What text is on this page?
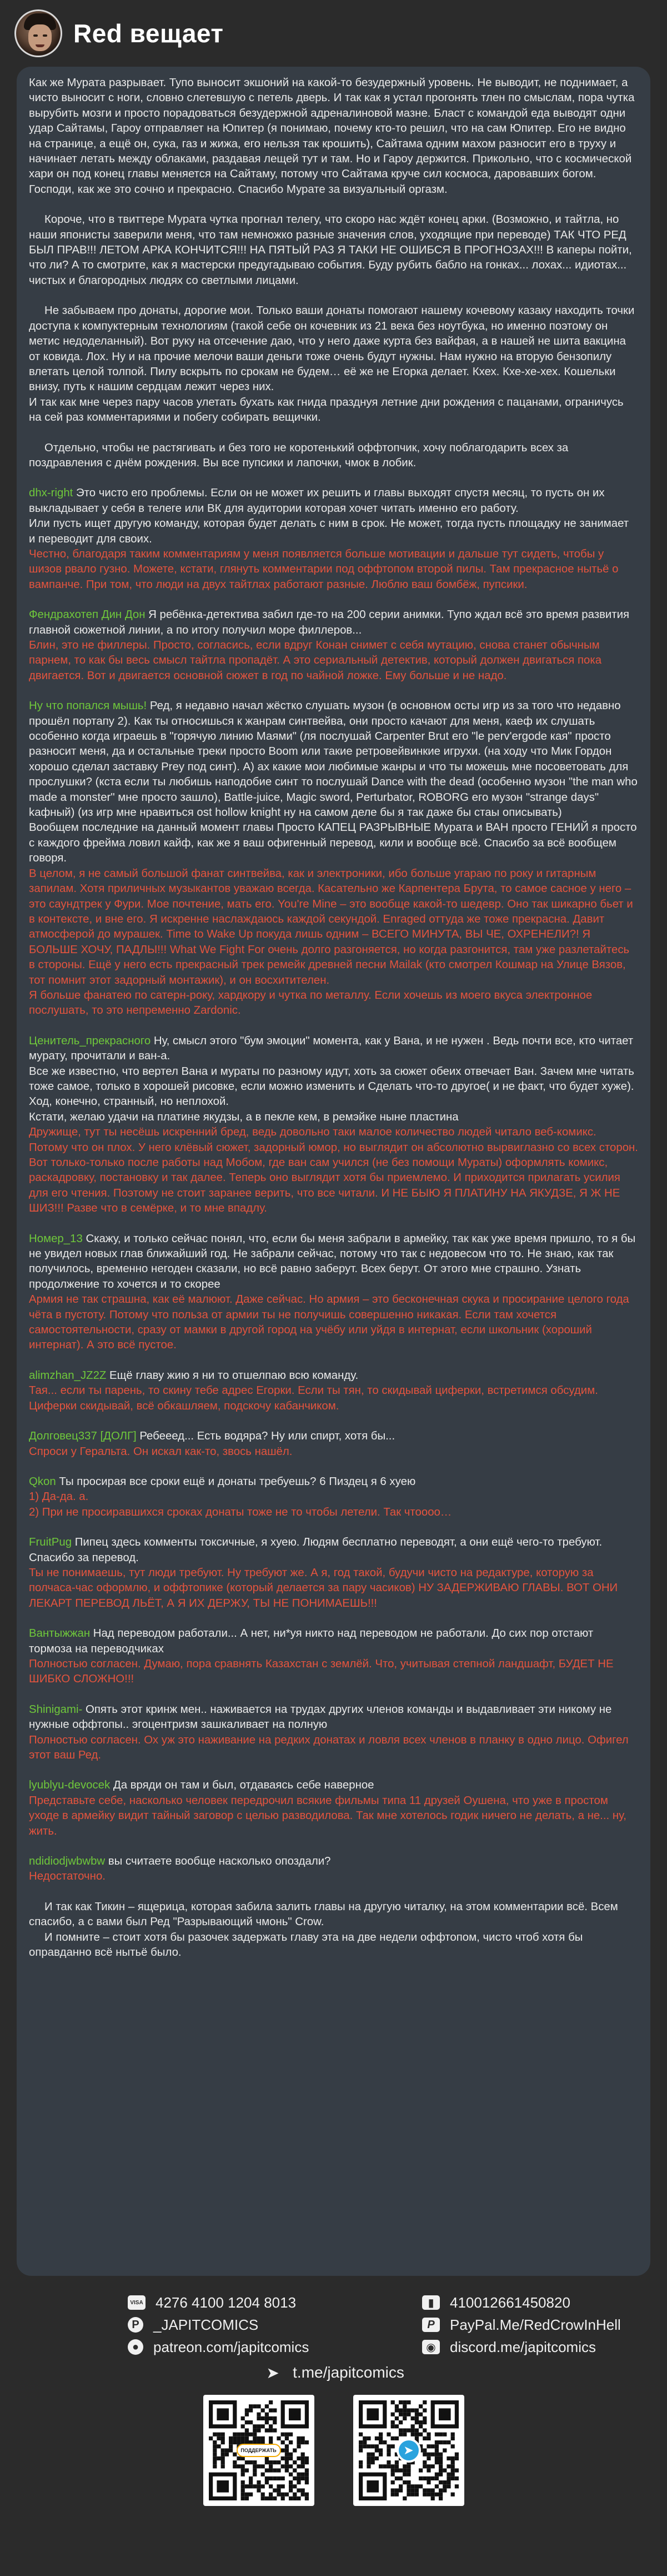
Red вещает

Как же Мурата разрывает. Тупо выносит экшоний на какой-то безудержный уровень. Не выводит, не поднимает, а чисто выносит с ноги, словно слетевшую с петель дверь. И так как я устал прогонять тлен по смыслам, пора чутка вырубить мозги и просто порадоваться безудержной адреналиновой мазне. Бласт с командой еда выводят одни удар Сайтамы, Гароу отправляет на Юпитер (я понимаю, почему кто-то решил, что на сам Юпитер. Его не видно на странице, а ещё он, сука, газ и жижа, его нельзя так крошить), Сайтама одним махом разносит его в труху и начинает летать между облаками, раздавая лещей тут и там. Но и Гароу держится. Прикольно, что с космической хари он под конец главы меняется на Сайтаму, потому что Сайтама круче сил космоса, даровавших богом. Господи, как же это сочно и прекрасно. Спасибо Мурате за визуальный оргазм.

Короче, что в твиттере Мурата чутка прогнал телегу, что скоро нас ждёт конец арки. (Возможно, и тайтла, но наши японисты заверили меня, что там немножко разные значения слов, уходящие при переводе) ТАК ЧТО РЕД БЫЛ ПРАВ!!! ЛЕТОМ АРКА КОНЧИТСЯ!!! НА ПЯТЫЙ РАЗ Я ТАКИ НЕ ОШИБСЯ В ПРОГНОЗАХ!!! В каперы пойти, что ли? А то смотрите, как я мастерски предугадываю события. Буду рубить бабло на гонках... лохах... идиотах... чистых и благородных людях со светлыми лицами.

Не забываем про донаты, дорогие мои. Только ваши донаты помогают нашему кочевому казаку находить точки доступа к компуктерным технологиям (такой себе он кочевник из 21 века без ноутбука, но именно поэтому он метис недоделанный). Вот руку на отсечение даю, что у него даже курта без вайфая, а в нашей не шита вакцина от ковида. Лох. Ну и на прочие мелочи ваши деньги тоже очень будут нужны. Нам нужно на вторую бензопилу влетать целой толпой. Пилу вскрыть по срокам не будем… её же не Егорка делает. Кхех. Кхе-хе-хех. Кошельки внизу, путь к нашим сердцам лежит через них.

И так как мне через пару часов улетать бухать как гнида празднуя летние дни рождения с пацанами, ограничусь на сей раз комментариями и побегу собирать вещички.

Отдельно, чтобы не растягивать и без того не коротенький оффтопчик, хочу поблагодарить всех за поздравления с днём рождения. Вы все пупсики и лапочки, чмок в лобик.

dhx-right Это чисто его проблемы. Если он не может их решить и главы выходят спустя месяц, то пусть он их выкладывает у себя в телеге или ВК для аудитории которая хочет читать именно его работу.

Или пусть ищет другую команду, которая будет делать с ним в срок. Не может, тогда пусть площадку не занимает и переводит для своих.

Честно, благодаря таким комментариям у меня появляется больше мотивации и дальше тут сидеть, чтобы у шизов рвало гузно. Можете, кстати, глянуть комментарии под оффтопом второй пилы. Там прекрасное нытьё о вампанче. При том, что люди на двух тайтлах работают разные. Люблю ваш бомбёж, пупсики.

Фендрахотеп Дин Дон Я ребёнка-детектива забил где-то на 200 серии анимки. Тупо ждал всё это время развития главной сюжетной линии, а по итогу получил море филлеров...

Блин, это не филлеры. Просто, согласись, если вдруг Конан снимет с себя мутацию, снова станет обычным парнем, то как бы весь смысл тайтла пропадёт. А это сериальный детектив, который должен двигаться пока двигается. Вот и двигается основной сюжет в год по чайной ложке. Ему больше и не надо.

Ну что попался мышь! Ред, я недавно начал жёстко слушать музон (в основном осты игр из за того что недавно прошёл портапу 2). Как ты относишься к жанрам синтвейва, они просто качают для меня, каеф их слушать особенно когда играешь в "горячую линию Маями" (ля послушай Carpenter Brut его "le perv'ergode кая" просто разносит меня, да и остальные треки просто Boom или такие ретровейвинкие игрухи. (на ходу что Мик Гордон хорошо сделал заставку Prey под синт). А) ах какие мои любимые жанры и что ты можешь мне посоветовать для прослушки? (кста если ты любишь наподобие синт то послушай Dance with the dead (особенно музон "the man who made a monster" мне просто зашло), Battle-juice, Magic sword, Perturbator, ROBORG его музон "strange days" kaфный) (из игр мне нравиться ost hollow knight ну на самом деле бы я так даже бы стаы описывать)

Вообщем последние на данный момент главы Просто КАПЕЦ РАЗРЫВНЫЕ Мурата и ВАН просто ГЕНИЙ я просто с каждого фрейма ловил кайф, как же я ваш офигенный перевод, кили и вообще всё. Спасибо за всё вообщем говоря.

В целом, я не самый большой фанат синтвейва, как и электроники, ибо больше угараю по року и гитарным запилам. Хотя приличных музыкантов уважаю всегда. Касательно же Карпентера Брута, то самое сасное у него – это саундтрек у Фури. Мое почтение, мать его. You're Mine – это вообще какой-то шедевр. Оно так шикарно бьет и в контексте, и вне его. Я искренне наслаждаюсь каждой секундой. Enraged оттуда же тоже прекрасна. Давит атмосферой до мурашек. Time to Wake Up покуда лишь одним – ВСЕГО МИНУТА, ВЫ ЧЕ, ОХРЕНЕЛИ?! Я БОЛЬШЕ ХОЧУ, ПАДЛЫ!!! What We Fight For очень долго разгоняется, но когда разгонится, там уже разлетайтесь в стороны. Ещё у него есть прекрасный трек ремейк древней песни Mailak (кто смотрел Кошмар на Улице Вязов, тот помнит этот задорный монтажик), и он восхитителен.

Я больше фанатею по сатерн-року, хардкору и чутка по металлу. Если хочешь из моего вкуса электронное послушать, то это непременно Zardonic.

Ценитель_прекрасного Ну, смысл этого "бум эмоции" момента, как у Вана, и не нужен . Ведь почти все, кто читает мурату, прочитали и ван-а.

Все же известно, что вертел Вана и мураты по разному идут, хоть за сюжет обеих отвечает Ван. Зачем мне читать тоже самое, только в хорошей рисовке, если можно изменить и Сделать что-то другое( и не факт, что будет хуже). Ход, конечно, странный, но неплохой.

Кстати, желаю удачи на платине якудзы, а в пекле кем, в ремэйке ныне пластина

Дружище, тут ты несёшь искренний бред, ведь довольно таки малое количество людей читало веб-комикс. Потому что он плох. У него клёвый сюжет, задорный юмор, но выглядит он абсолютно вырвиглазно со всех сторон. Вот только-только после работы над Мобом, где ван сам учился (не без помощи Мураты) оформлять комикс, раскадровку, постановку и так далее. Теперь оно выглядит хотя бы приемлемо. И приходится прилагать усилия для его чтения. Поэтому не стоит заранее верить, что все читали. И НЕ БЫЮ Я ПЛАТИНУ НА ЯКУДЗЕ, Я Ж НЕ ШИЗ!!! Разве что в семёрке, и то мне впадлу.

Номер_13 Скажу, и только сейчас понял, что, если бы меня забрали в армейку, так как уже время пришло, то я бы не увидел новых глав ближайший год. Не забрали сейчас, потому что так с недовесом что то. Не знаю, как так получилось, временно негоден сказали, но всё равно заберут. Всех берут. От этого мне страшно. Узнать продолжение то хочется и то скорее

Армия не так страшна, как её малюют. Даже сейчас. Но армия – это бесконечная скука и просирание целого года чёта в пустоту. Потому что польза от армии ты не получишь совершенно никакая. Если там хочется самостоятельности, сразу от мамки в другой город на учёбу или уйдя в интернат, если школьник (хороший интернат). А это всё пустое.

alimzhan_JZ2Z Ещё главу жию я ни то отшелпаю всю команду.

Тая... если ты парень, то скину тебе адрес Егорки. Если ты тян, то скидывай циферки, встретимся обсудим. Циферки скидывай, всё обкашляем, подскочу кабанчиком.

Долговец337 [ДОЛГ] Ребееед... Есть водяра? Ну или спирт, хотя бы...

Спроси у Геральта. Он искал как-то, звось нашёл.

Qkon Ты просирая все сроки ещё и донаты требуешь? 6 Пиздец я 6 хуею

1) Да-да. а.

2) При не просиравшихся сроках донаты тоже не то чтобы летели. Так чтоооо…

FruitPug Пипец здесь комменты токсичные, я хуею. Людям бесплатно переводят, а они ещё чего-то требуют. Спасибо за перевод.

Ты не понимаешь, тут люди требуют. Ну требуют же. А я, год такой, будучи чисто на редактуре, которую за полчаса-час оформлю, и оффтопике (который делается за пару часиков) НУ ЗАДЕРЖИВАЮ ГЛАВЫ. ВОТ ОНИ ЛЕКАРТ ПЕРЕВОД ЛЬЁТ, А Я ИХ ДЕРЖУ, ТЫ НЕ ПОНИМАЕШЬ!!!

Вантыжжан Над переводом работали... А нет, ни*уя никто над переводом не работали. До сих пор отстают тормоза на переводчиках

Полностью согласен. Думаю, пора сравнять Казахстан с землёй. Что, учитывая степной ландшафт, БУДЕТ НЕ ШИБКО СЛОЖНО!!!

Shinigami- Опять этот кринж мен.. наживается на трудах других членов команды и выдавливает эти никому не нужные оффтопы.. эгоцентризм зашкаливает на полную

Полностью согласен. Ох уж это наживание на редких донатах и ловля всех членов в планку в одно лицо. Офигел этот ваш Ред.

lyublyu-devocek Да вряди он там и был, отдаваясь себе наверное

Представьте себе, насколько человек передрочил всякие фильмы типа 11 друзей Оушена, что уже в простом уходе в армейку видит тайный заговор с целью разводилова. Так мне хотелось годик ничего не делать, а не... ну, жить.

ndidiodjwbwbw вы считаете вообще насколько опоздали?

Недостаточно.

И так как Тикин – ящерица, которая забила залить главы на другую читалку, на этом комментарии всё. Всем спасибо, а с вами был Ред "Разрывающий чмонь" Crow.

И помните – стоит хотя бы разочек задержать главу эта на две недели оффтопом, чисто чтоб хотя бы оправданно всё нытьё было.

VISA 4276 4100 1204 8013	▮	410012661450820
P _JAPITCOMICS	P	PayPal.Me/RedCrowInHell
● patreon.com/japitcomics	◉ discord.me/japitcomics
➤ t.me/japitcomics
ПОДДЕРЖАТЬ	➤
